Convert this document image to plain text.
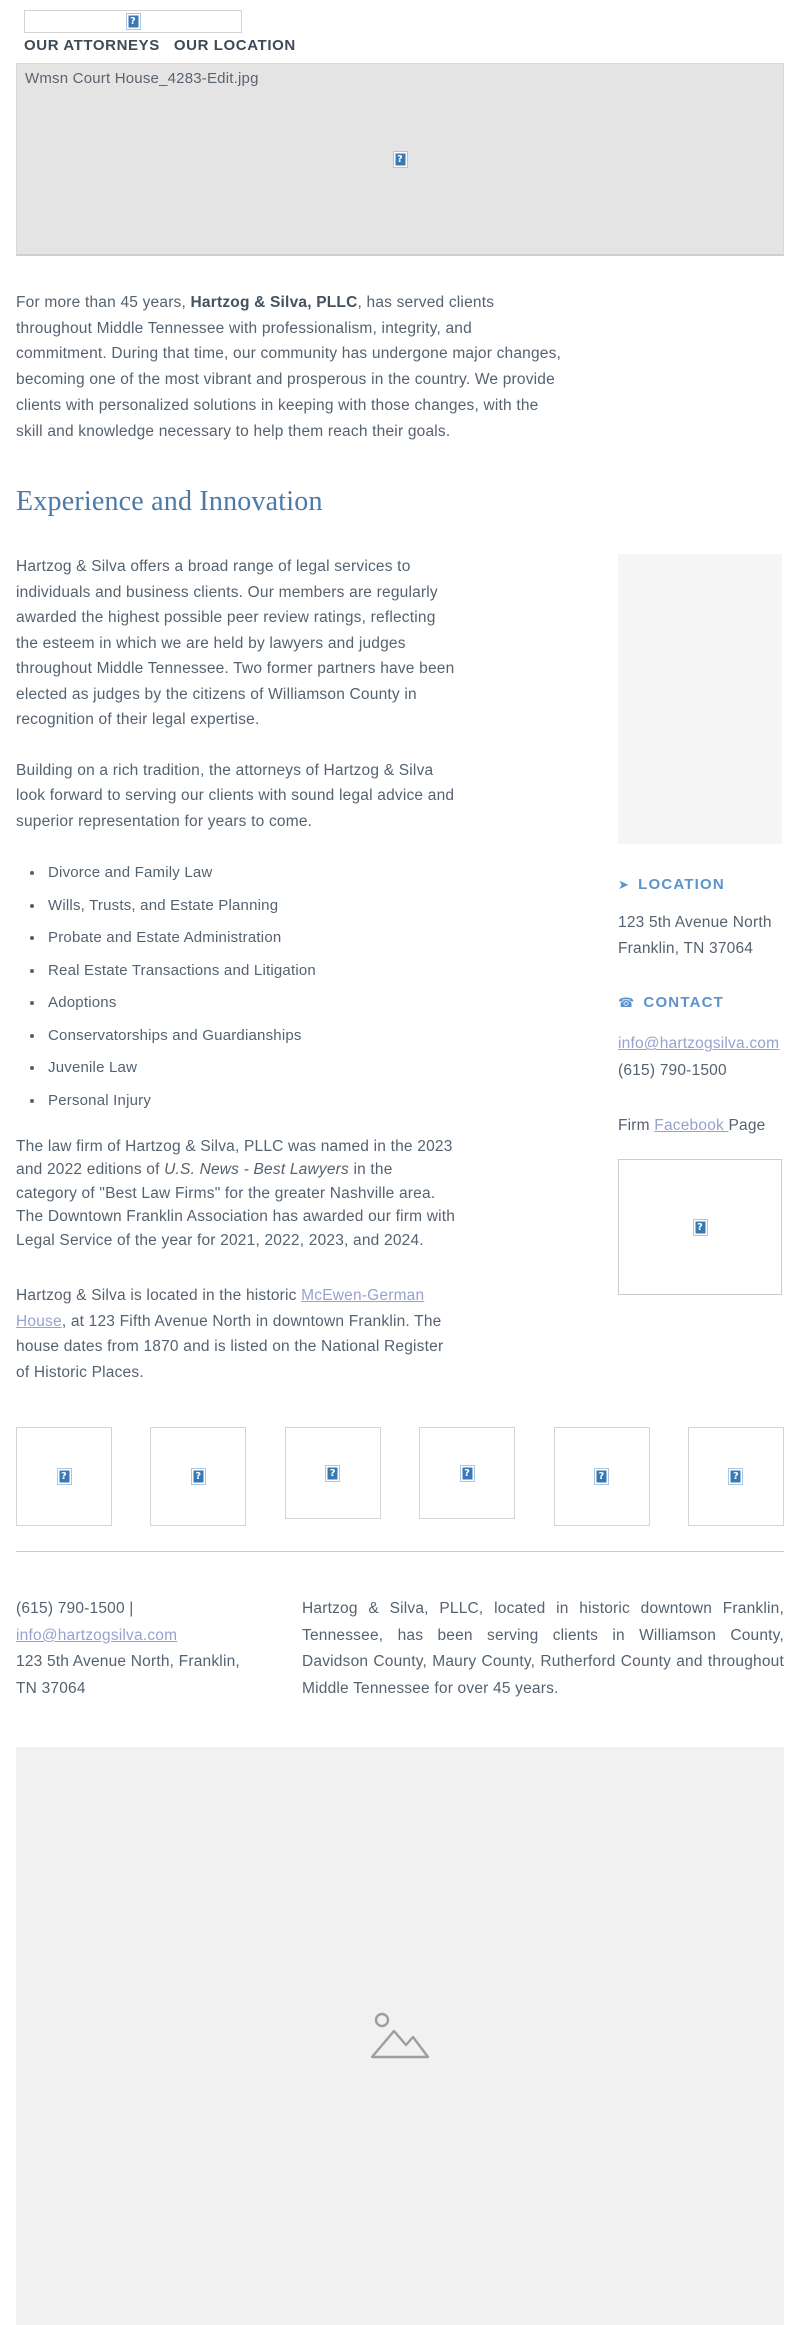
?
OUR ATTORNEYS OUR LOCATION
Wmsn Court House_4283-Edit.jpg
?

For more than 45 years, Hartzog & Silva, PLLC, has served clients throughout Middle Tennessee with professionalism, integrity, and commitment. During that time, our community has undergone major changes, becoming one of the most vibrant and prosperous in the country. We provide clients with personalized solutions in keeping with those changes, with the skill and knowledge necessary to help them reach their goals.

Experience and Innovation

Hartzog & Silva offers a broad range of legal services to individuals and business clients. Our members are regularly awarded the highest possible peer review ratings, reflecting the esteem in which we are held by lawyers and judges throughout Middle Tennessee. Two former partners have been elected as judges by the citizens of Williamson County in recognition of their legal expertise.

Building on a rich tradition, the attorneys of Hartzog & Silva look forward to serving our clients with sound legal advice and superior representation for years to come.

• Divorce and Family Law
• Wills, Trusts, and Estate Planning
• Probate and Estate Administration
• Real Estate Transactions and Litigation
• Adoptions
• Conservatorships and Guardianships
• Juvenile Law
• Personal Injury

The law firm of Hartzog & Silva, PLLC was named in the 2023 and 2022 editions of U.S. News - Best Lawyers in the category of "Best Law Firms" for the greater Nashville area. The Downtown Franklin Association has awarded our firm with Legal Service of the year for 2021, 2022, 2023, and 2024.

Hartzog & Silva is located in the historic McEwen-German House, at 123 Fifth Avenue North in downtown Franklin. The house dates from 1870 and is listed on the National Register of Historic Places.

➤ LOCATION
123 5th Avenue North
Franklin, TN 37064
☎ CONTACT
info@hartzogsilva.com
(615) 790-1500
Firm Facebook Page
?
?	?	?	?	?	?
(615) 790-1500 |
info@hartzogsilva.com
123 5th Avenue North, Franklin,
TN 37064
Hartzog & Silva, PLLC, located in historic downtown Franklin, Tennessee, has been serving clients in Williamson County, Davidson County, Maury County, Rutherford County and throughout Middle Tennessee for over 45 years.
